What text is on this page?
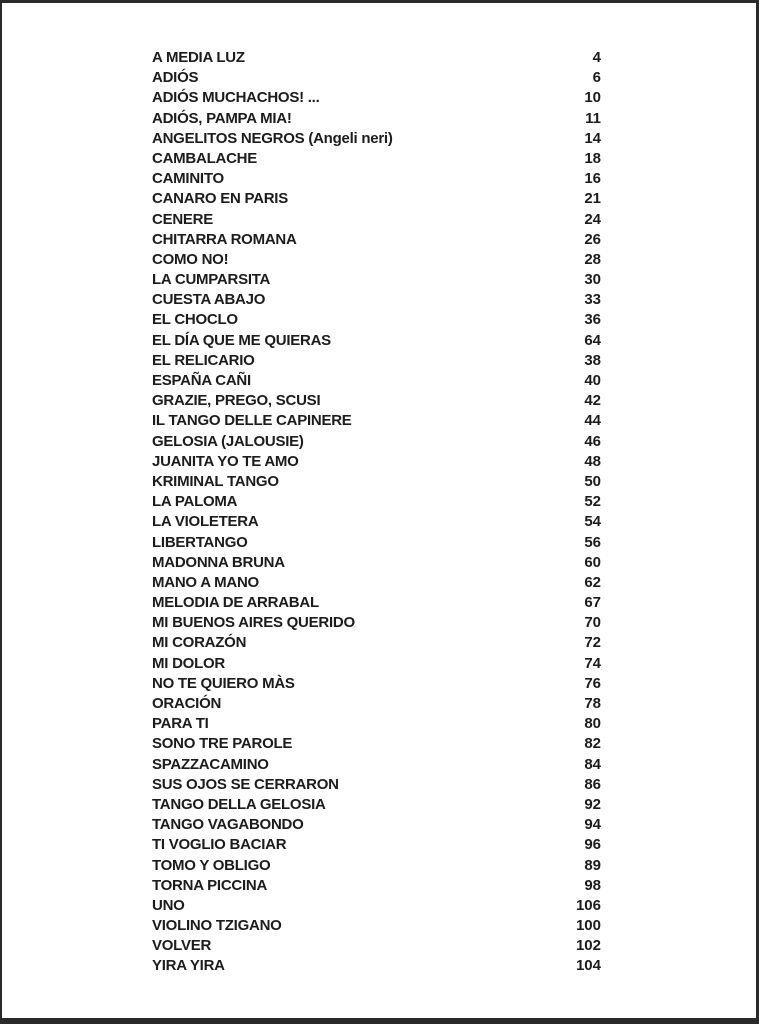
A MEDIA LUZ	4
ADIÓS	6
ADIÓS MUCHACHOS! ...	10
ADIÓS, PAMPA MIA!	11
ANGELITOS NEGROS (Angeli neri)	14
CAMBALACHE	18
CAMINITO	16
CANARO EN PARIS	21
CENERE	24
CHITARRA ROMANA	26
COMO NO!	28
LA CUMPARSITA	30
CUESTA ABAJO	33
EL CHOCLO	36
EL DÍA QUE ME QUIERAS	64
EL RELICARIO	38
ESPAÑA CAÑI	40
GRAZIE, PREGO, SCUSI	42
IL TANGO DELLE CAPINERE	44
GELOSIA (JALOUSIE)	46
JUANITA YO TE AMO	48
KRIMINAL TANGO	50
LA PALOMA	52
LA VIOLETERA	54
LIBERTANGO	56
MADONNA BRUNA	60
MANO A MANO	62
MELODIA DE ARRABAL	67
MI BUENOS AIRES QUERIDO	70
MI CORAZÓN	72
MI DOLOR	74
NO TE QUIERO MÀS	76
ORACIÓN	78
PARA TI	80
SONO TRE PAROLE	82
SPAZZACAMINO	84
SUS OJOS SE CERRARON	86
TANGO DELLA GELOSIA	92
TANGO VAGABONDO	94
TI VOGLIO BACIAR	96
TOMO Y OBLIGO	89
TORNA PICCINA	98
UNO	106
VIOLINO TZIGANO	100
VOLVER	102
YIRA YIRA	104
